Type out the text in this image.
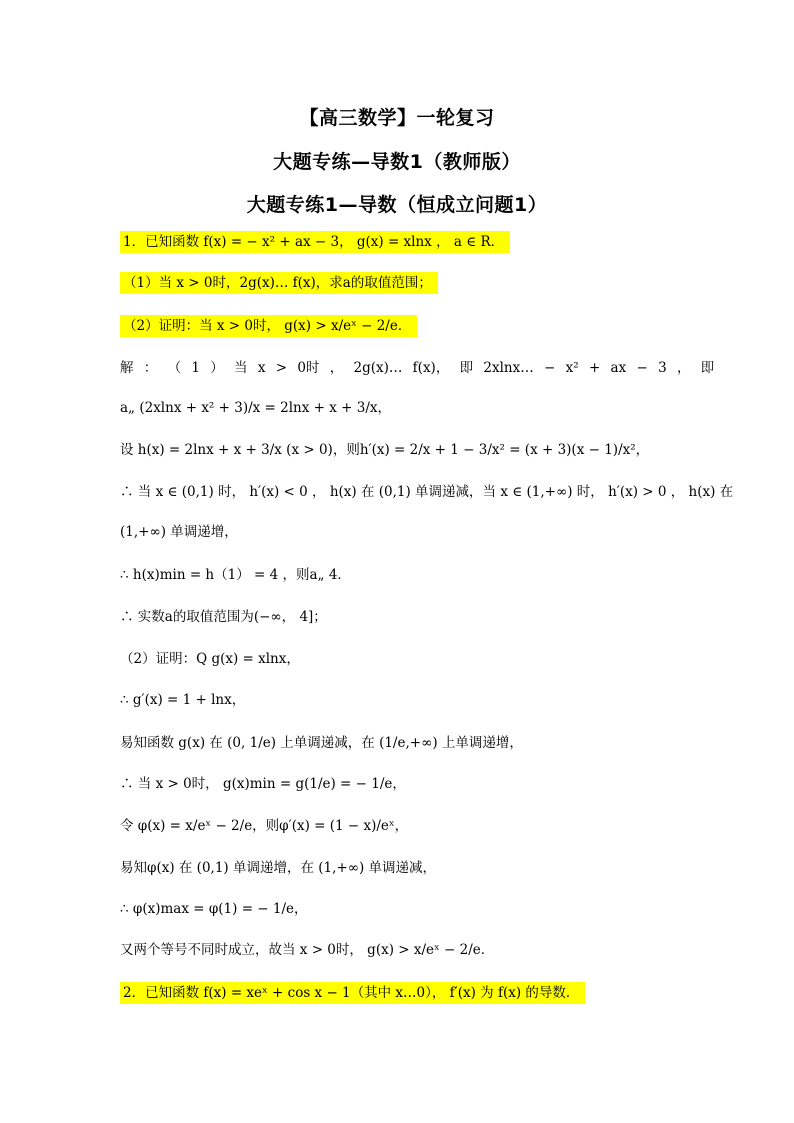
【高三数学】一轮复习
大题专练—导数1（教师版）
大题专练1—导数（恒成立问题1）
1．已知函数 f(x) = − x² + ax − 3， g(x) = xlnx ， a ∈ R．
（1）当 x > 0时，2g(x)… f(x)，求a的取值范围；
（2）证明：当 x > 0时， g(x) > x/eˣ − 2/e．
解 ： （ 1 ） 当 x > 0时 ， 2g(x)… f(x)， 即 2xlnx… − x² + ax − 3 ， 即
a„ (2xlnx + x² + 3)/x = 2lnx + x + 3/x，
设 h(x) = 2lnx + x + 3/x (x > 0)，则h′(x) = 2/x + 1 − 3/x² = (x + 3)(x − 1)/x²，
∴ 当 x ∈ (0,1) 时， h′(x) < 0 ， h(x) 在 (0,1) 单调递减，当 x ∈ (1,+∞) 时， h′(x) > 0 ， h(x) 在
(1,+∞) 单调递增，
∴ h(x)min = h（1） = 4 ，则a„ 4．
∴ 实数a的取值范围为(−∞， 4]；
（2）证明：Q g(x) = xlnx，
∴ g′(x) = 1 + lnx，
易知函数 g(x) 在 (0, 1/e) 上单调递减，在 (1/e,+∞) 上单调递增，
∴ 当 x > 0时， g(x)min = g(1/e) = − 1/e，
令 φ(x) = x/eˣ − 2/e，则φ′(x) = (1 − x)/eˣ，
易知φ(x) 在 (0,1) 单调递增，在 (1,+∞) 单调递减，
∴ φ(x)max = φ(1) = − 1/e，
又两个等号不同时成立，故当 x > 0时， g(x) > x/eˣ − 2/e．
2．已知函数 f(x) = xeˣ + cos x − 1（其中 x…0）， f′(x) 为 f(x) 的导数．
